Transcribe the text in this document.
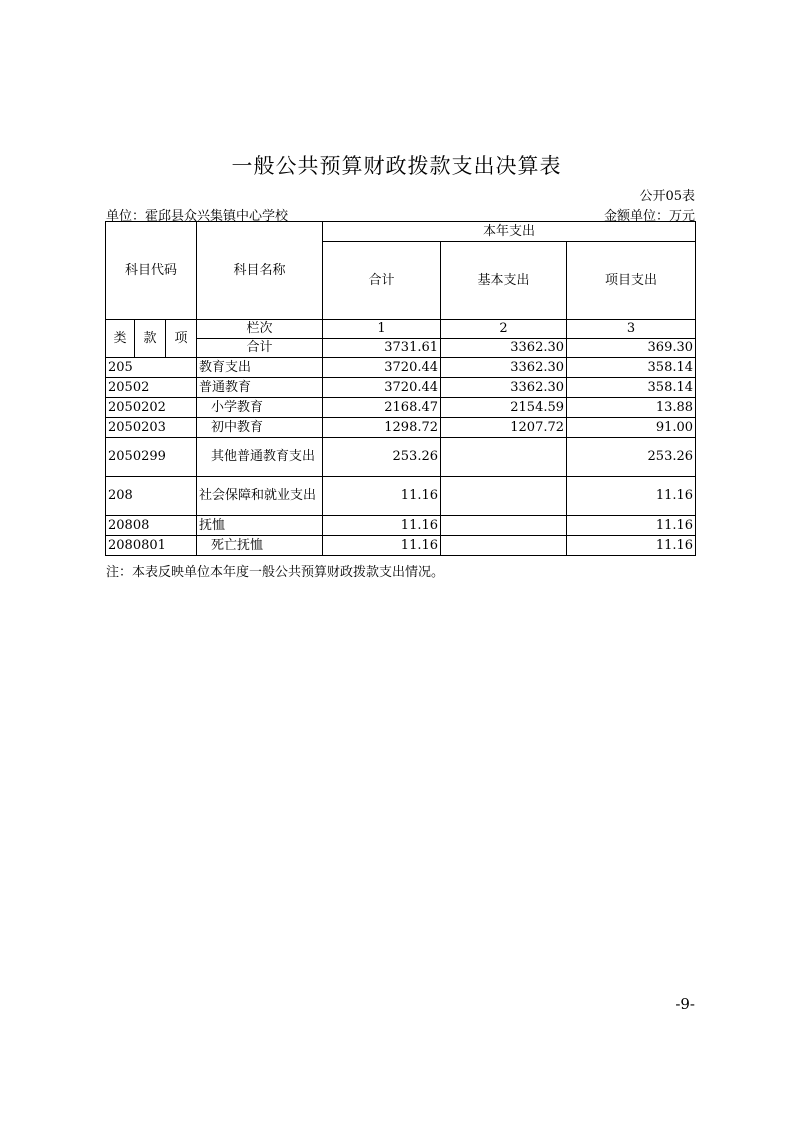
一般公共预算财政拨款支出决算表
公开05表
单位：霍邱县众兴集镇中心学校	金额单位：万元
科目代码			科目名称	本年支出		
				合计	基本支出	项目支出
类	款	项	栏次	1	2	3
			合计	3731.61	3362.30	369.30
205			教育支出	3720.44	3362.30	358.14
20502			普通教育	3720.44	3362.30	358.14
2050202			小学教育	2168.47	2154.59	13.88
2050203			初中教育	1298.72	1207.72	91.00
2050299			其他普通教育支出	253.26		253.26
208			社会保障和就业支出	11.16		11.16
20808			抚恤	11.16		11.16
2080801			死亡抚恤	11.16		11.16
注：本表反映单位本年度一般公共预算财政拨款支出情况。
-9-
